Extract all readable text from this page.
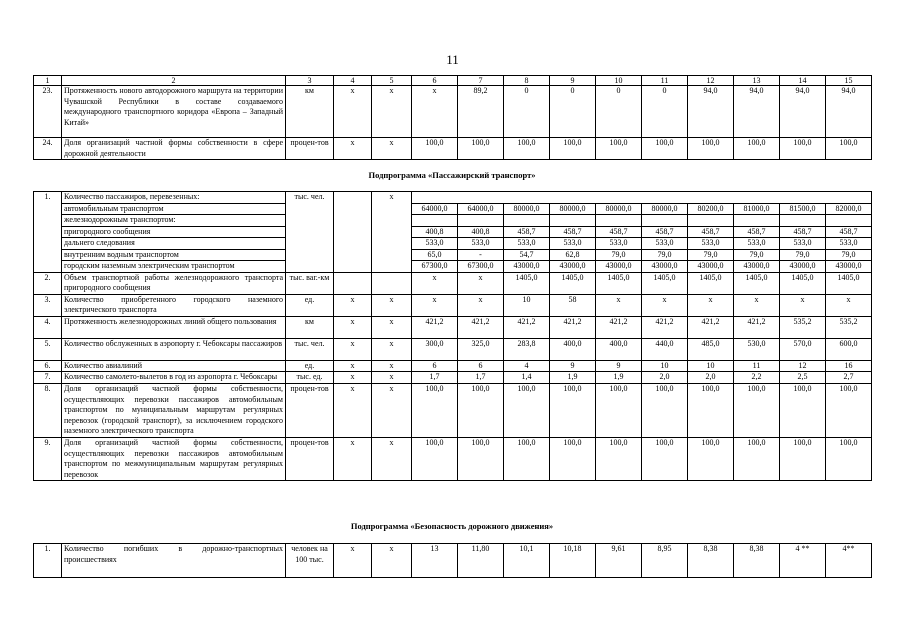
11
1	2	3	4	5	6	7	8	9	10	11	12	13	14	15
23.	Протяженность нового автодорожного маршрута на территории Чувашской Республики в составе создаваемого международного транспортного коридора «Европа – Западный Китай»	км	x	x	x	89,2	0	0	0	0	94,0	94,0	94,0	94,0
24.	Доля организаций частной формы собственности в сфере дорожной деятельности	процен-тов	x	x	100,0	100,0	100,0	100,0	100,0	100,0	100,0	100,0	100,0	100,0
Подпрограмма «Пассажирский транспорт»
1.	Количество пассажиров, перевезенных:	тыс. чел.		x										
	автомобильным транспортом				64000,0	64000,0	80000,0	80000,0	80000,0	80000,0	80200,0	81000,0	81500,0	82000,0
	железнодорожным транспортом:													
	пригородного сообщения				400,8	400,8	458,7	458,7	458,7	458,7	458,7	458,7	458,7	458,7
	дальнего следования				533,0	533,0	533,0	533,0	533,0	533,0	533,0	533,0	533,0	533,0
	внутренним водным транспортом				65,0	-	54,7	62,8	79,0	79,0	79,0	79,0	79,0	79,0
	городским наземным электрическим транспортом				67300,0	67300,0	43000,0	43000,0	43000,0	43000,0	43000,0	43000,0	43000,0	43000,0
2.	Объем транспортной работы железнодорожного транспорта пригородного сообщения	тыс. ваг.-км			x	x	1405,0	1405,0	1405,0	1405,0	1405,0	1405,0	1405,0	1405,0
3.	Количество приобретенного городского наземного электрического транспорта	ед.	x	x	x	x	10	58	x	x	x	x	x	x
4.	Протяженность железнодорожных линий общего пользования	км	x	x	421,2	421,2	421,2	421,2	421,2	421,2	421,2	421,2	535,2	535,2
5.	Количество обслуженных в аэропорту г. Чебоксары пассажиров	тыс. чел.	x	x	300,0	325,0	283,8	400,0	400,0	440,0	485,0	530,0	570,0	600,0
6.	Количество авиалиний	ед.	x	x	6	6	4	9	9	10	10	11	12	16
7.	Количество самолето-вылетов в год из аэропорта г. Чебоксары	тыс. ед.	x	x	1,7	1,7	1,4	1,9	1,9	2,0	2,0	2,2	2,5	2,7
8.	Доля организаций частной формы собственности, осуществляющих перевозки пассажиров автомобильным транспортом по муниципальным маршрутам регулярных перевозок (городской транспорт), за исключением городского наземного электрического транспорта	процен-тов	x	x	100,0	100,0	100,0	100,0	100,0	100,0	100,0	100,0	100,0	100,0
9.	Доля организаций частной формы собственности, осуществляющих перевозки пассажиров автомобильным транспортом по межмуниципальным маршрутам регулярных перевозок	процен-тов	x	x	100,0	100,0	100,0	100,0	100,0	100,0	100,0	100,0	100,0	100,0
Подпрограмма «Безопасность дорожного движения»
1.	Количество погибших в дорожно-транспортных происшествиях	человек на 100 тыс.	x	x	13	11,80	10,1	10,18	9,61	8,95	8,38	8,38	4 **	4**
